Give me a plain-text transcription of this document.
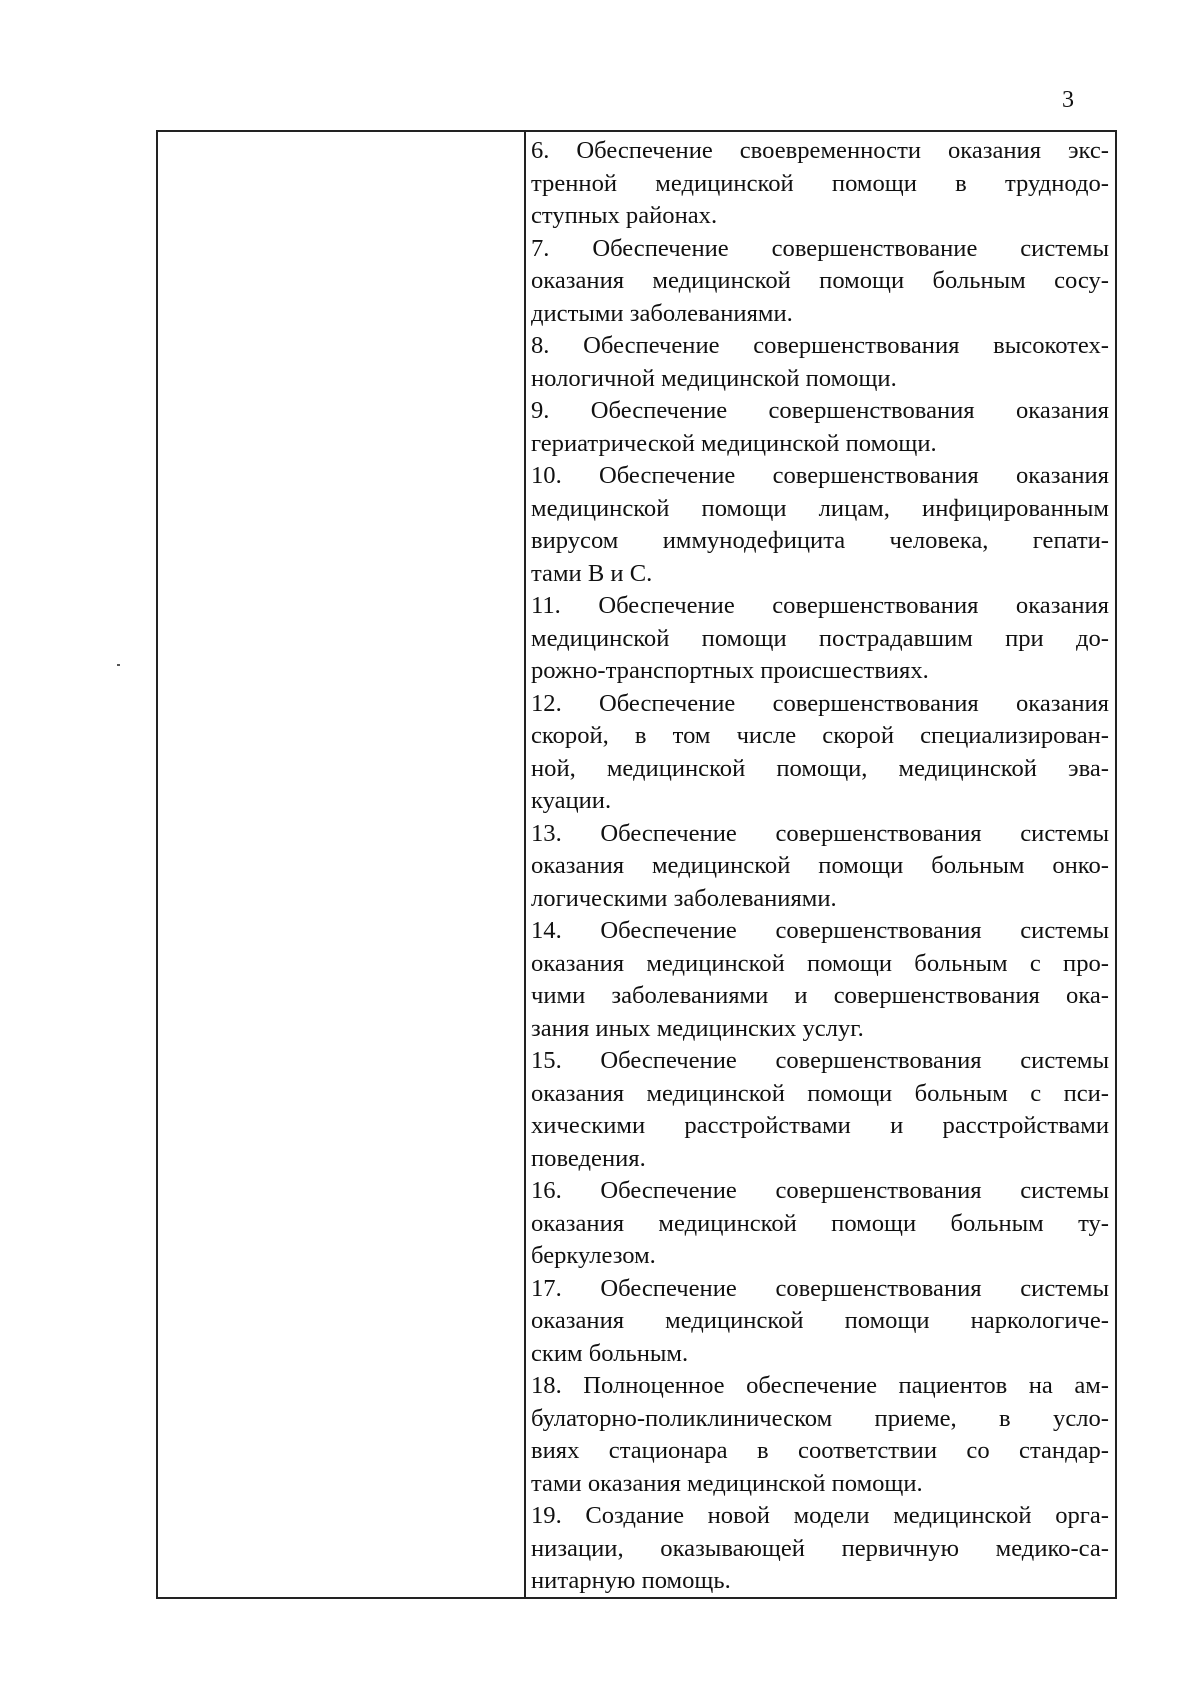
3
6. Обеспечение своевременности оказания экс-
тренной медицинской помощи в труднодо-
ступных районах.
7. Обеспечение совершенствование системы
оказания медицинской помощи больным сосу-
дистыми заболеваниями.
8. Обеспечение совершенствования высокотех-
нологичной медицинской помощи.
9. Обеспечение совершенствования оказания
гериатрической медицинской помощи.
10. Обеспечение совершенствования оказания
медицинской помощи лицам, инфицированным
вирусом иммунодефицита человека, гепати-
тами В и С.
11. Обеспечение совершенствования оказания
медицинской помощи пострадавшим при до-
рожно-транспортных происшествиях.
12. Обеспечение совершенствования оказания
скорой, в том числе скорой специализирован-
ной, медицинской помощи, медицинской эва-
куации.
13. Обеспечение совершенствования системы
оказания медицинской помощи больным онко-
логическими заболеваниями.
14. Обеспечение совершенствования системы
оказания медицинской помощи больным с про-
чими заболеваниями и совершенствования ока-
зания иных медицинских услуг.
15. Обеспечение совершенствования системы
оказания медицинской помощи больным с пси-
хическими расстройствами и расстройствами
поведения.
16. Обеспечение совершенствования системы
оказания медицинской помощи больным ту-
беркулезом.
17. Обеспечение совершенствования системы
оказания медицинской помощи наркологиче-
ским больным.
18. Полноценное обеспечение пациентов на ам-
булаторно-поликлиническом приеме, в усло-
виях стационара в соответствии со стандар-
тами оказания медицинской помощи.
19. Создание новой модели медицинской орга-
низации, оказывающей первичную медико-са-
нитарную помощь.
